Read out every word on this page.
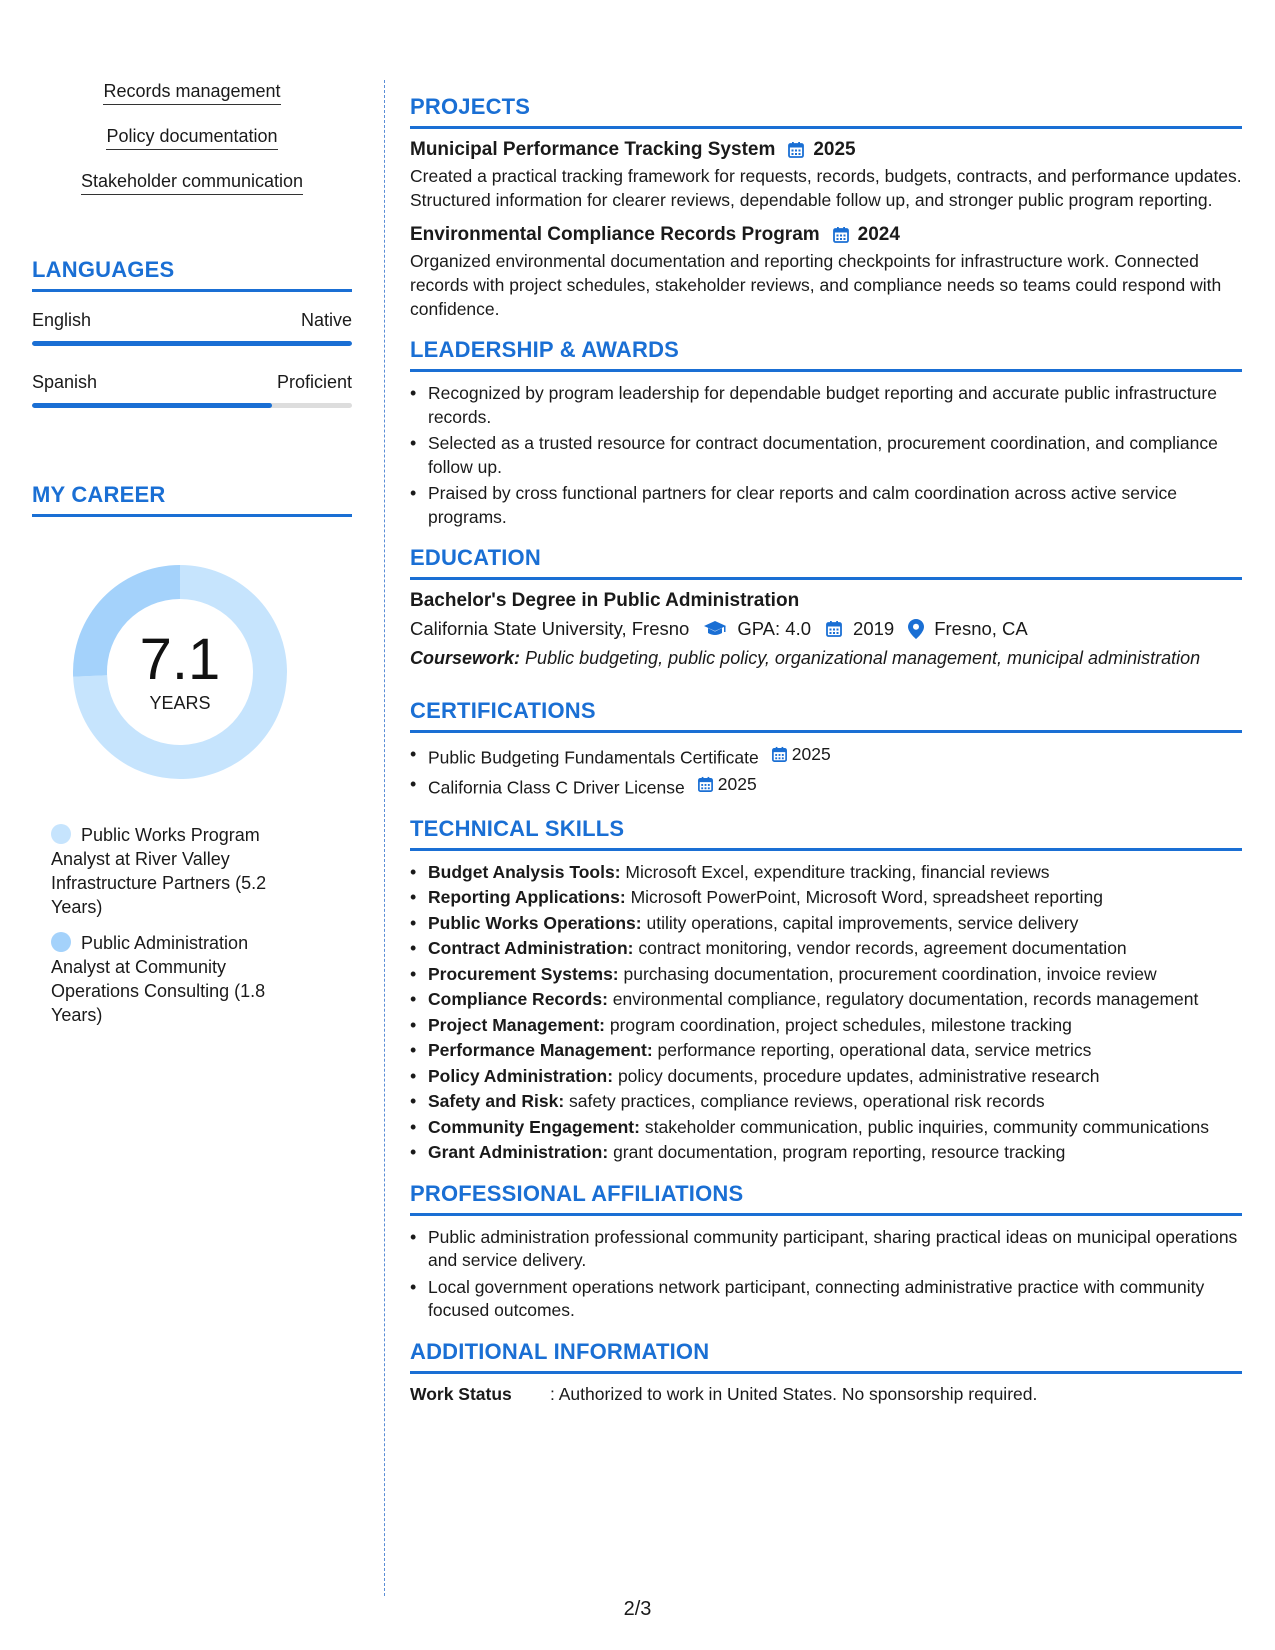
Records management
Policy documentation
Stakeholder communication
LANGUAGES
English	Native
Spanish	Proficient
MY CAREER
7.1
YEARS
Public Works Program Analyst at River Valley Infrastructure Partners (5.2 Years)
Public Administration Analyst at Community Operations Consulting (1.8 Years)
PROJECTS
Municipal Performance Tracking System 2025
Created a practical tracking framework for requests, records, budgets, contracts, and performance updates. Structured information for clearer reviews, dependable follow up, and stronger public program reporting.
Environmental Compliance Records Program 2024
Organized environmental documentation and reporting checkpoints for infrastructure work. Connected records with project schedules, stakeholder reviews, and compliance needs so teams could respond with confidence.
LEADERSHIP & AWARDS
• Recognized by program leadership for dependable budget reporting and accurate public infrastructure records.
• Selected as a trusted resource for contract documentation, procurement coordination, and compliance follow up.
• Praised by cross functional partners for clear reports and calm coordination across active service programs.
EDUCATION
Bachelor's Degree in Public Administration
California State University, Fresno	GPA: 4.0 2019 Fresno, CA
Coursework: Public budgeting, public policy, organizational management, municipal administration
CERTIFICATIONS
• Public Budgeting Fundamentals Certificate 2025
• California Class C Driver License 2025
TECHNICAL SKILLS
• Budget Analysis Tools: Microsoft Excel, expenditure tracking, financial reviews
• Reporting Applications: Microsoft PowerPoint, Microsoft Word, spreadsheet reporting
• Public Works Operations: utility operations, capital improvements, service delivery
• Contract Administration: contract monitoring, vendor records, agreement documentation
• Procurement Systems: purchasing documentation, procurement coordination, invoice review
• Compliance Records: environmental compliance, regulatory documentation, records management
• Project Management: program coordination, project schedules, milestone tracking
• Performance Management: performance reporting, operational data, service metrics
• Policy Administration: policy documents, procedure updates, administrative research
• Safety and Risk: safety practices, compliance reviews, operational risk records
• Community Engagement: stakeholder communication, public inquiries, community communications
• Grant Administration: grant documentation, program reporting, resource tracking
PROFESSIONAL AFFILIATIONS
• Public administration professional community participant, sharing practical ideas on municipal operations and service delivery.
• Local government operations network participant, connecting administrative practice with community focused outcomes.
ADDITIONAL INFORMATION
Work Status	: Authorized to work in United States. No sponsorship required.
2/3
